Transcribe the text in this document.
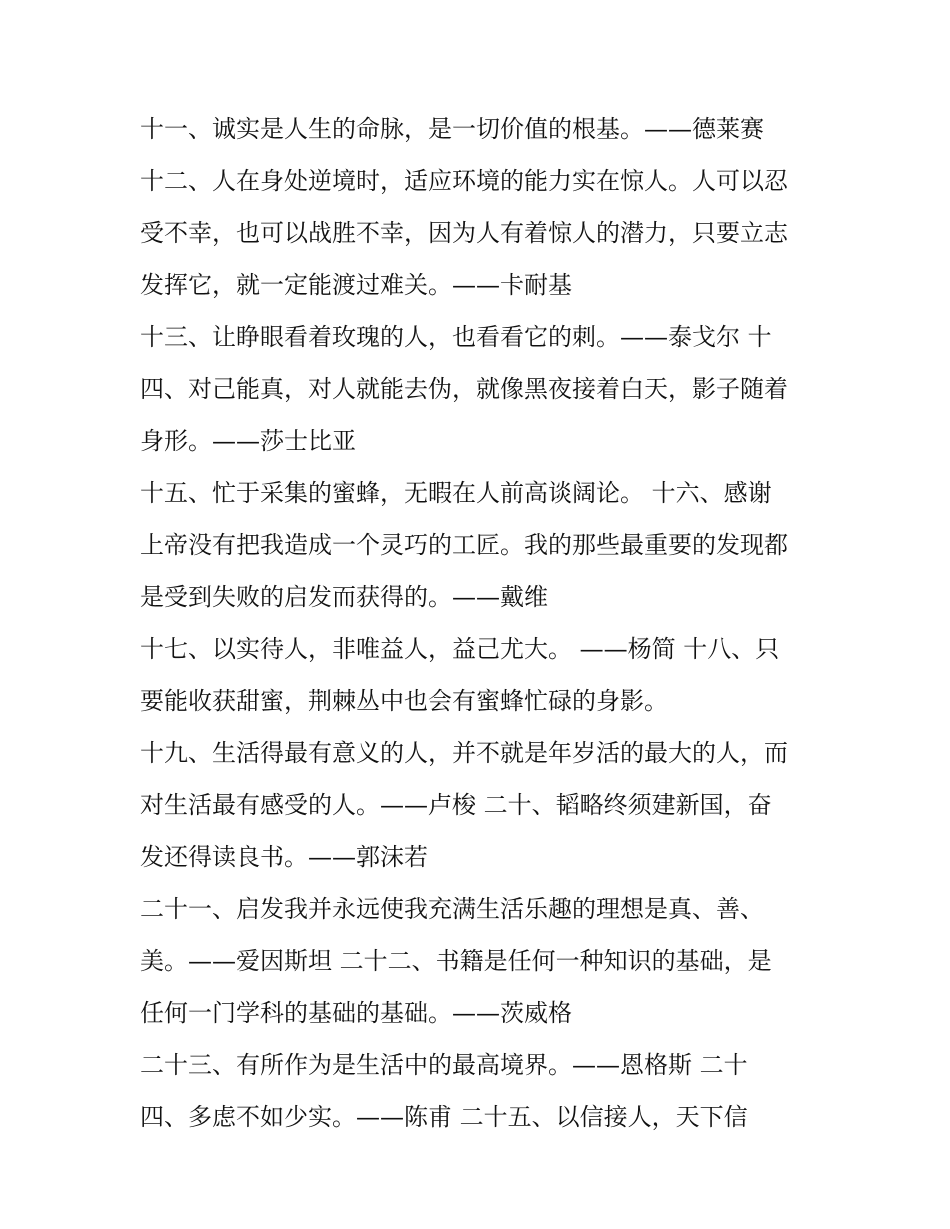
十一、诚实是人生的命脉，是一切价值的根基。——德莱赛
十二、人在身处逆境时，适应环境的能力实在惊人。人可以忍
受不幸，也可以战胜不幸，因为人有着惊人的潜力，只要立志
发挥它，就一定能渡过难关。——卡耐基
十三、让睁眼看着玫瑰的人，也看看它的刺。——泰戈尔 十
四、对己能真，对人就能去伪，就像黑夜接着白天，影子随着
身形。——莎士比亚
十五、忙于采集的蜜蜂，无暇在人前高谈阔论。 十六、感谢
上帝没有把我造成一个灵巧的工匠。我的那些最重要的发现都
是受到失败的启发而获得的。——戴维
十七、以实待人，非唯益人，益己尤大。 ——杨简 十八、只
要能收获甜蜜，荆棘丛中也会有蜜蜂忙碌的身影。
十九、生活得最有意义的人，并不就是年岁活的最大的人，而
对生活最有感受的人。——卢梭 二十、韬略终须建新国，奋
发还得读良书。——郭沫若
二十一、启发我并永远使我充满生活乐趣的理想是真、善、
美。——爱因斯坦 二十二、书籍是任何一种知识的基础，是
任何一门学科的基础的基础。——茨威格
二十三、有所作为是生活中的最高境界。——恩格斯 二十
四、多虑不如少实。——陈甫 二十五、以信接人，天下信
